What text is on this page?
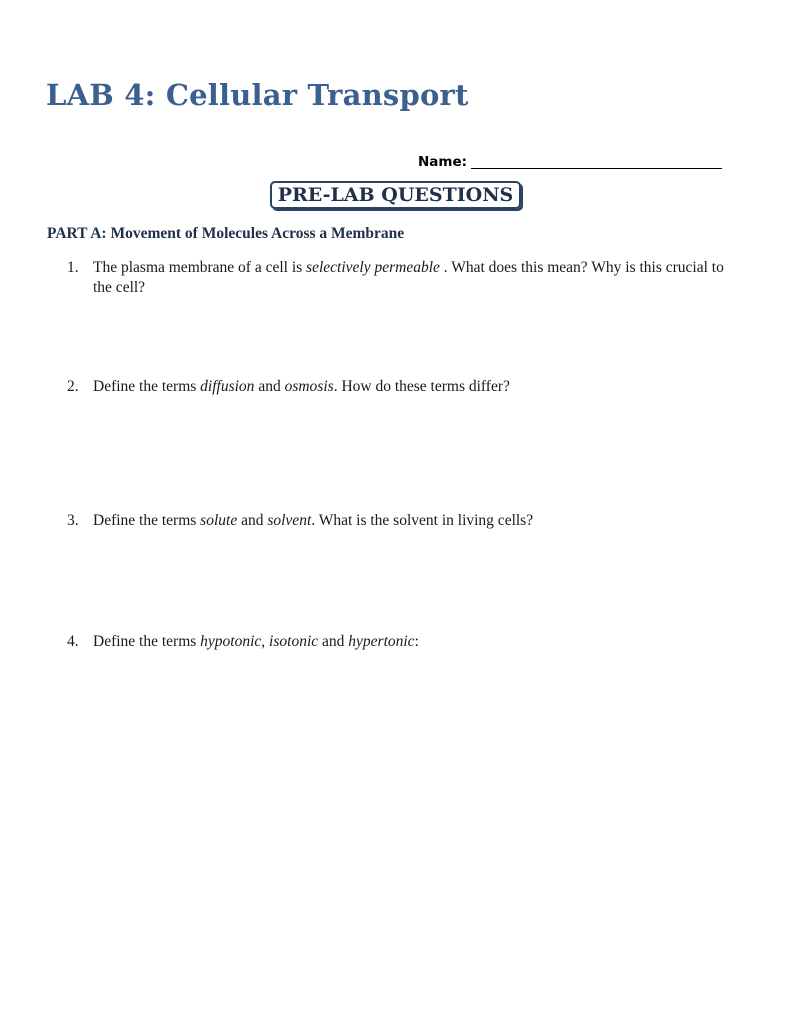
LAB 4: Cellular Transport
Name:
PRE-LAB QUESTIONS
PART A: Movement of Molecules Across a Membrane
1. The plasma membrane of a cell is selectively permeable . What does this mean? Why is this crucial to the cell?
2. Define the terms diffusion and osmosis. How do these terms differ?
3. Define the terms solute and solvent. What is the solvent in living cells?
4. Define the terms hypotonic, isotonic and hypertonic:
